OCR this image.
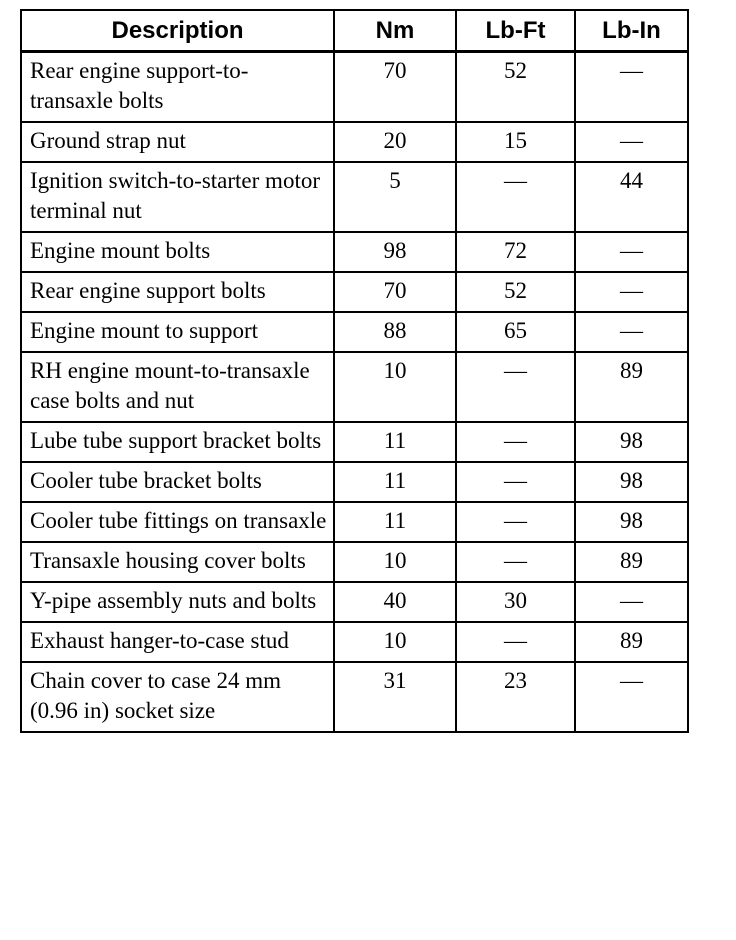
Description	Nm	Lb-Ft	Lb-In
Rear engine support-to-transaxle bolts	70	52	—
Ground strap nut	20	15	—
Ignition switch-to-starter motor terminal nut	5	—	44
Engine mount bolts	98	72	—
Rear engine support bolts	70	52	—
Engine mount to support	88	65	—
RH engine mount-to-transaxle case bolts and nut	10	—	89
Lube tube support bracket bolts	11	—	98
Cooler tube bracket bolts	11	—	98
Cooler tube fittings on transaxle	11	—	98
Transaxle housing cover bolts	10	—	89
Y-pipe assembly nuts and bolts	40	30	—
Exhaust hanger-to-case stud	10	—	89
Chain cover to case 24 mm (0.96 in) socket size	31	23	—
